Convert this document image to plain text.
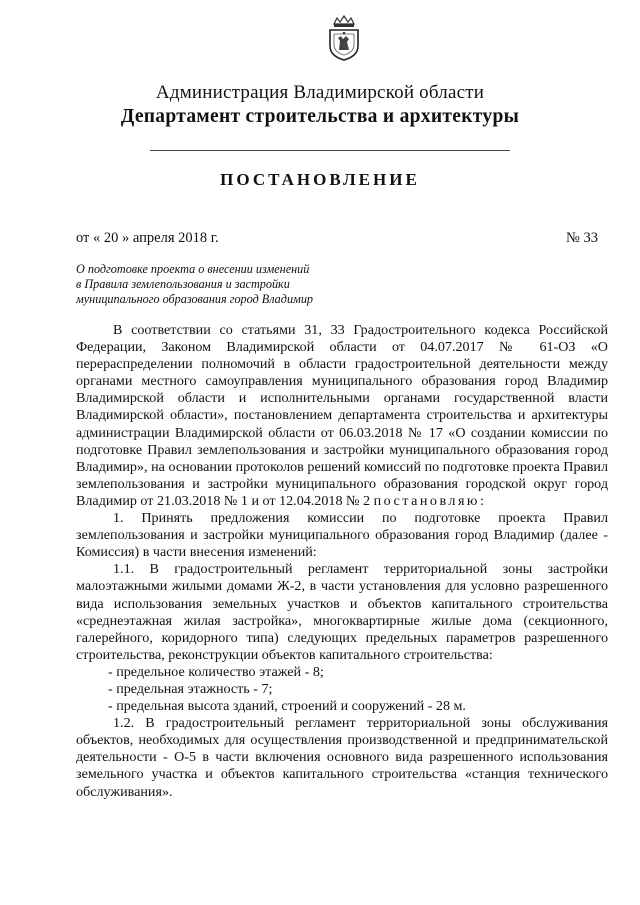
Администрация Владимирской области
Департамент строительства и архитектуры
ПОСТАНОВЛЕНИЕ
от « 20 » апреля 2018 г.	№ 33
О подготовке проекта о внесении изменений
в Правила землепользования и застройки
муниципального образования город Владимир

В соответствии со статьями 31, 33 Градостроительного кодекса Российской Федерации, Законом Владимирской области от 04.07.2017 № 61-ОЗ «О перераспределении полномочий в области градостроительной деятельности между органами местного самоуправления муниципального образования город Владимир Владимирской области и исполнительными органами государственной власти Владимирской области», постановлением департамента строительства и архитектуры администрации Владимирской области от 06.03.2018 № 17 «О создании комиссии по подготовке Правил землепользования и застройки муниципального образования город Владимир», на основании протоколов решений комиссий по подготовке проекта Правил землепользования и застройки муниципального образования городской округ город Владимир от 21.03.2018 № 1 и от 12.04.2018 № 2 постановляю:

1. Принять предложения комиссии по подготовке проекта Правил землепользования и застройки муниципального образования город Владимир (далее - Комиссия) в части внесения изменений:

1.1. В градостроительный регламент территориальной зоны застройки малоэтажными жилыми домами Ж-2, в части установления для условно разрешенного вида использования земельных участков и объектов капитального строительства «среднеэтажная жилая застройка», многоквартирные жилые дома (секционного, галерейного, коридорного типа) следующих предельных параметров разрешенного строительства, реконструкции объектов капитального строительства:

- предельное количество этажей - 8;

- предельная этажность - 7;

- предельная высота зданий, строений и сооружений - 28 м.

1.2. В градостроительный регламент территориальной зоны обслуживания объектов, необходимых для осуществления производственной и предпринимательской деятельности - О-5 в части включения основного вида разрешенного использования земельного участка и объектов капитального строительства «станция технического обслуживания».
